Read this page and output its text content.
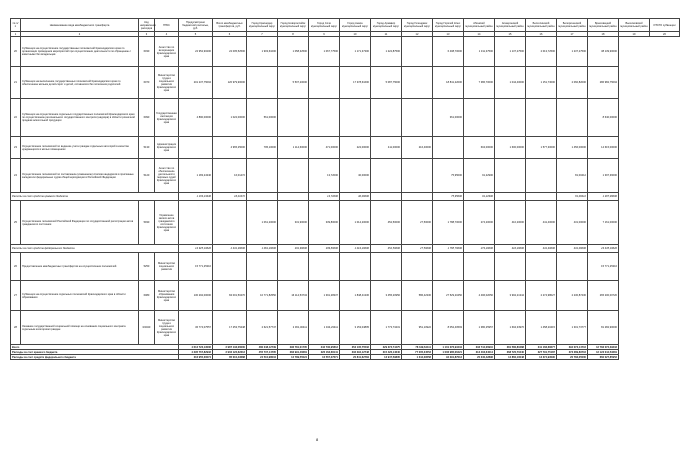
№ п/п	Наименование вида межбюджетного трансферта	Код направления расходов	ГРБС	Предусмотрено бюджетной росписью, руб.	Всего межбюджетных трансфертов, руб.	Город Краснодар муниципальный округ	Город Новороссийск муниципальный округ	Город Сочи муниципальный округ	Город Анапа муниципальный округ	Город Армавир муниципальный округ	Город Геленджик муниципальный округ	Город Горячий Ключ муниципальный округ	Абинский муниципальный район	Апшеронский муниципальный район	Белоглинский муниципальный район	Белореченский муниципальный район	Брюховецкий муниципальный район	Выселковский муниципальный район	ИТОГО субвенции
1	2	3	4	5	6	7	8	9	10	11	12	13	14	15	16	17	18	19	20
20	Субвенции на осуществление государственных полномочий Краснодарского края по организации проведения мероприятий при осуществлении деятельности по обращению с животными без владельцев	6030	Агентство по ветеринарии Краснодарского края	22 952,90200	22 005,52500	1 903,61000	1 058,32500	1 067,77500	1 171,37300	1 222,87500		6 408,70000	1 311,37500	1 137,27500	2 013,72500	1 237,27500	38 139,90000		
21	Субвенции на выполнение государственных полномочий Краснодарского края по обеспечению жильем детей-сирот и детей, оставшихся без попечения родителей	6070	Министерство труда и социального развития Краснодарского края	201 237,75094	120 979,90000		5 507,20000		17 378,61600	5 087,75000		18 841,22000	7 386,70000	1 044,40000	1 151,73000	2 060,82000	286 982,75094		
22	Субвенции на осуществление отдельных государственных полномочий Краснодарского края по осуществлению регионального государственного контроля (надзора) в области розничной продажи алкогольной продукции	6090	Государственная инспекция Краснодарского края	4 890,00000	1 022,00000	561,00000						361,00000					8 640,00000		
23	Осуществление полномочий по ведению учета граждан отдельных категорий в качестве нуждающихся в жилых помещениях	5130	Администрация Краснодарского края		4 965,25000	795,10000	1 114,60000	471,00000	222,00000	411,00000	216,40000		604,00000	1 600,00000	1 577,30000	1 456,00000	14 615,00000		
24	Осуществление полномочий по составлению (изменению) списков кандидатов в присяжные заседатели федеральных судов общей юрисдикции в Российской Федерации	5120	Агентство по обеспечению деятельности мировых судей Краснодарского края	1 183,24346	16,01472			13,72000	40,00000			75,95000	91,22900			81,00412	1 397,36000		
Расходы за счет средств краевого бюджета				1 183,24346	16,01472			13,72000	40,00000			75,95000	91,22900			81,00412	1 397,36000		
25	Осуществление полномочий Российской Федерации по государственной регистрации актов гражданского состояния	5930	Управление записи актов гражданского состояния Краснодарского края			1 061,20000	331,90000	339,80000	1 014,20000	452,50000	27,50000	1 788,70000	274,20000	410,20000	441,40000	431,00000	7 161,00000		
Расходы за счет средств федерального бюджета				14 925,10620	2 431,30000	1 061,20000	331,90000	339,80000	1 014,20000	452,50000	27,50000	1 788,70000	274,20000	410,20000	441,40000	431,00000	23 445,16620		
26	Предоставление межбюджетных трансфертов на осуществление полномочий	5250	Министерство социального развития	15 771,25316													15 771,25316		
27	Субвенции на осуществление отдельных полномочий Краснодарского края в области образования	6080	Министерство образования Краснодарского края	130 292,00000	84 001,50470	10 771,82550	16 114,53734	1 391,28337	1 848,41336	3 455,20950	586,42330	27 529,20450	4 496,02050	3 992,21344	2 274,98027	2 230,87430	265 200,00720		
28	Оказание государственной социальной помощи на основании социального контракта отдельным категориям граждан	R4040	Министерство труда и социального развития Краснодарского края	36 774,07557	17 253,75448	2 621,57747	2 061,46411	1 044,23411	3 153,04805	1 773,73431	951,10922	8 052,40593	1 380,25957	1 694,33976	1 458,20415	1 301,73777	81 282,90000		
Всего				4 612 723,13006	2 987 133,06000	480 248,12739	296 781,01705	242 730,95812	353 135,75532	329 373,74475	78 349,64111	1 101 276,93434	333 744,06910	381 580,80488	341 166,68277	394 073,14716	12 783 072,39233		
Расходы за счет краевого бюджета				4 395 767,82932	2 902 122,62312	455 737,14705	283 991,46681	226 163,68141	332 294,12748	315 426,14640	77 005,34553	1 006 985,06421	313 403,64014	368 720,70440	327 791,75187	373 289,89716	12 123 044,53281		
Расходы за счет средств федерального бюджета				216 955,30074	85 010,43688	24 510,98034	12 789,55024	16 567,27671	20 841,62784	13 947,59835	1 344,29558	94 291,87013	20 340,42896	12 860,10048	13 374,93090	20 783,25000	660 027,85952		
8
